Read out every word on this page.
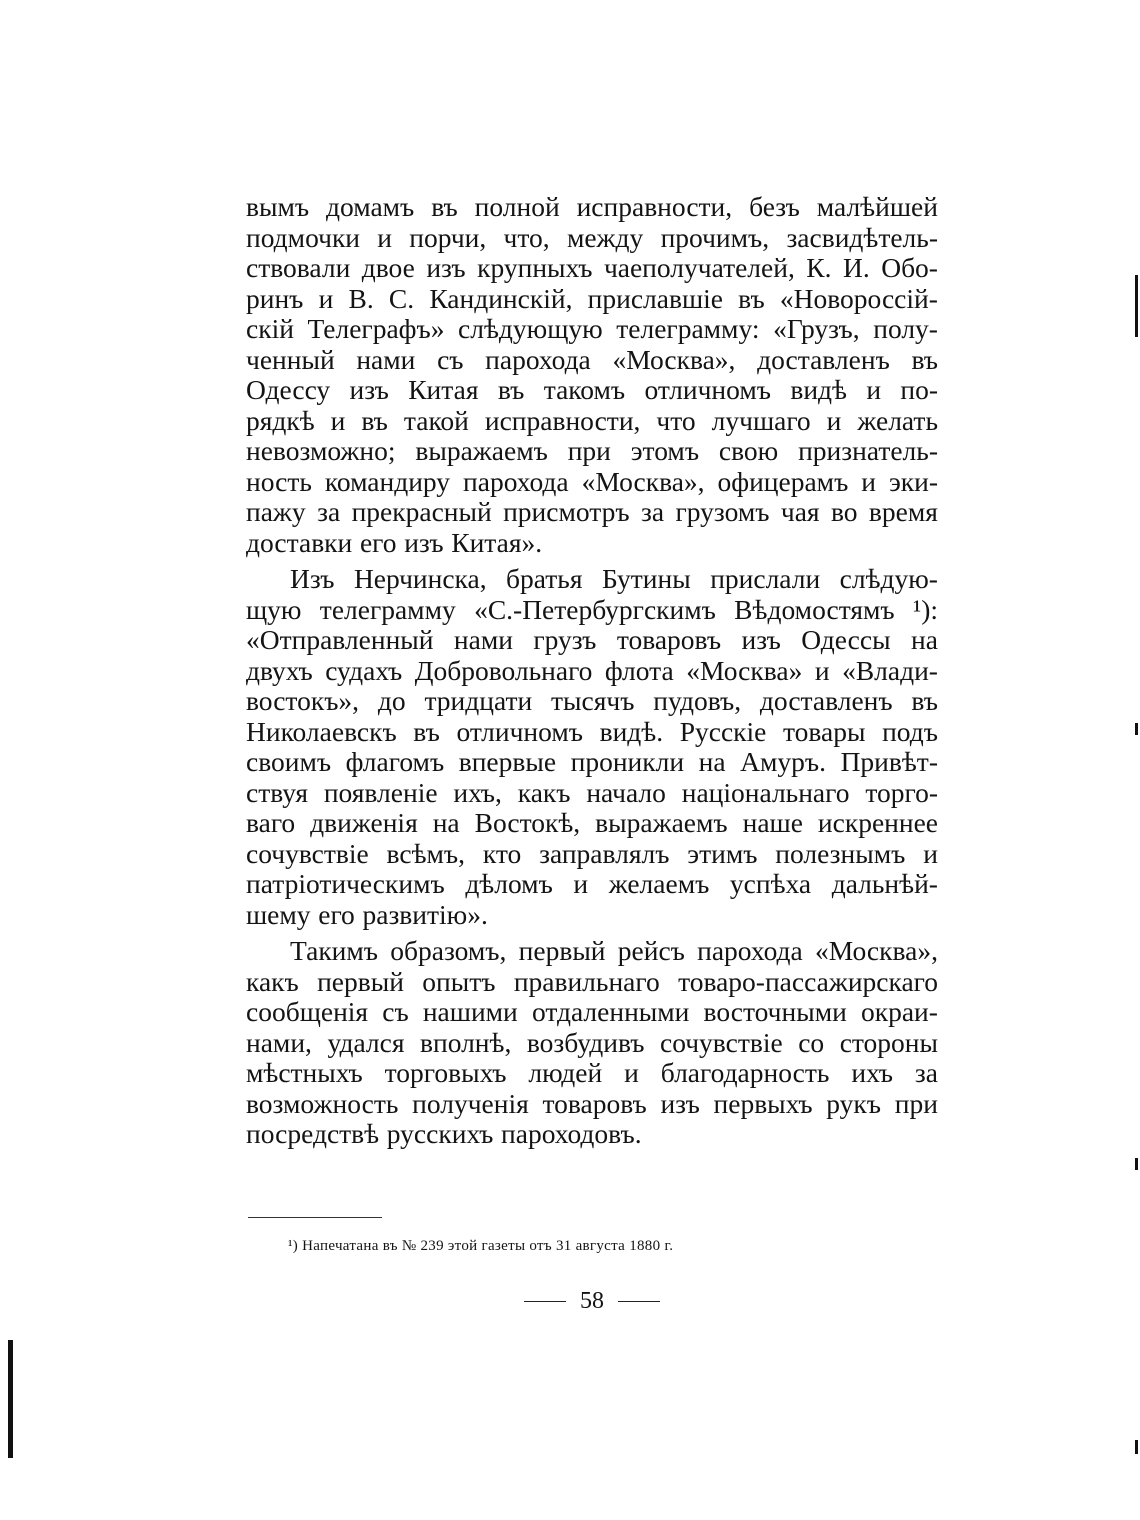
вымъ домамъ въ полной исправности, безъ малѣйшей
подмочки и порчи, что, между прочимъ, засвидѣтель-
ствовали двое изъ крупныхъ чаеполучателей, К. И. Обо-
ринъ и В. С. Кандинскій, приславшіе въ «Новороссій-
скій Телеграфъ» слѣдующую телеграмму: «Грузъ, полу-
ченный нами съ парохода «Москва», доставленъ въ
Одессу изъ Китая въ такомъ отличномъ видѣ и по-
рядкѣ и въ такой исправности, что лучшаго и желать
невозможно; выражаемъ при этомъ свою признатель-
ность командиру парохода «Москва», офицерамъ и эки-
пажу за прекрасный присмотръ за грузомъ чая во время
доставки его изъ Китая».
Изъ Нерчинска, братья Бутины прислали слѣдую-
щую телеграмму «С.-Петербургскимъ Вѣдомостямъ ¹):
«Отправленный нами грузъ товаровъ изъ Одессы на
двухъ судахъ Добровольнаго флота «Москва» и «Влади-
востокъ», до тридцати тысячъ пудовъ, доставленъ въ
Николаевскъ въ отличномъ видѣ. Русскіе товары подъ
своимъ флагомъ впервые проникли на Амуръ. Привѣт-
ствуя появленіе ихъ, какъ начало національнаго торго-
ваго движенія на Востокѣ, выражаемъ наше искреннее
сочувствіе всѣмъ, кто заправлялъ этимъ полезнымъ и
патріотическимъ дѣломъ и желаемъ успѣха дальнѣй-
шему его развитію».
Такимъ образомъ, первый рейсъ парохода «Москва»,
какъ первый опытъ правильнаго товаро-пассажирскаго
сообщенія съ нашими отдаленными восточными окраи-
нами, удался вполнѣ, возбудивъ сочувствіе со стороны
мѣстныхъ торговыхъ людей и благодарность ихъ за
возможность полученія товаровъ изъ первыхъ рукъ при
посредствѣ русскихъ пароходовъ.
¹) Напечатана въ № 239 этой газеты отъ 31 августа 1880 г.
58
